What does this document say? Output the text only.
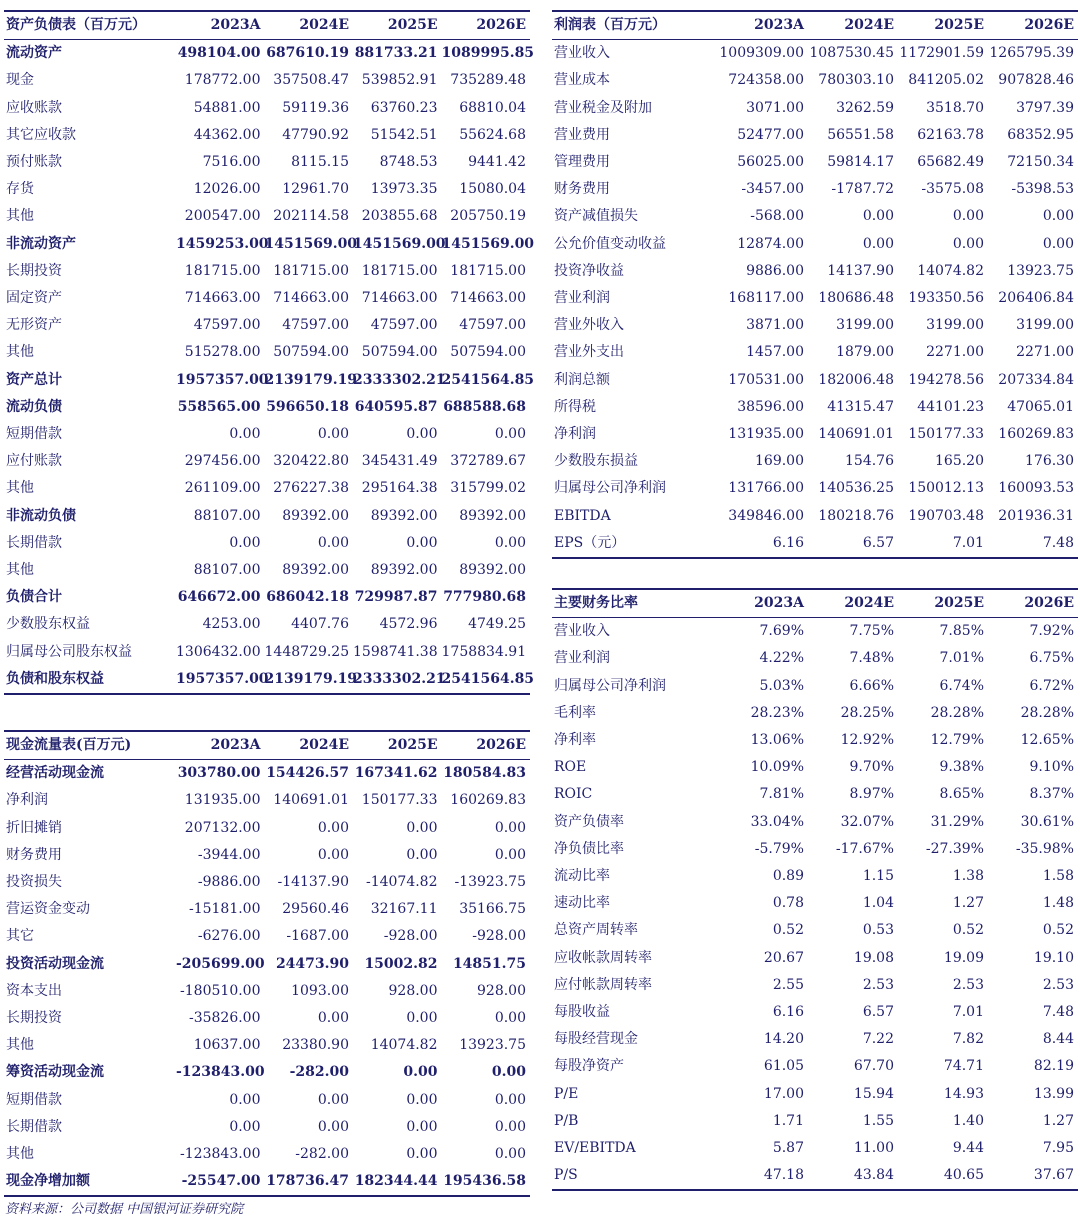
资产负债表（百万元）	2023A	2024E	2025E	2026E
流动资产	498104.00	687610.19	881733.21	1089995.85
现金	178772.00	357508.47	539852.91	735289.48
应收账款	54881.00	59119.36	63760.23	68810.04
其它应收款	44362.00	47790.92	51542.51	55624.68
预付账款	7516.00	8115.15	8748.53	9441.42
存货	12026.00	12961.70	13973.35	15080.04
其他	200547.00	202114.58	203855.68	205750.19
非流动资产	1459253.00	1451569.00	1451569.00	1451569.00
长期投资	181715.00	181715.00	181715.00	181715.00
固定资产	714663.00	714663.00	714663.00	714663.00
无形资产	47597.00	47597.00	47597.00	47597.00
其他	515278.00	507594.00	507594.00	507594.00
资产总计	1957357.00	2139179.19	2333302.21	2541564.85
流动负债	558565.00	596650.18	640595.87	688588.68
短期借款	0.00	0.00	0.00	0.00
应付账款	297456.00	320422.80	345431.49	372789.67
其他	261109.00	276227.38	295164.38	315799.02
非流动负债	88107.00	89392.00	89392.00	89392.00
长期借款	0.00	0.00	0.00	0.00
其他	88107.00	89392.00	89392.00	89392.00
负债合计	646672.00	686042.18	729987.87	777980.68
少数股东权益	4253.00	4407.76	4572.96	4749.25
归属母公司股东权益	1306432.00	1448729.25	1598741.38	1758834.91
负债和股东权益	1957357.00	2139179.19	2333302.21	2541564.85
现金流量表(百万元)	2023A	2024E	2025E	2026E
经营活动现金流	303780.00	154426.57	167341.62	180584.83
净利润	131935.00	140691.01	150177.33	160269.83
折旧摊销	207132.00	0.00	0.00	0.00
财务费用	-3944.00	0.00	0.00	0.00
投资损失	-9886.00	-14137.90	-14074.82	-13923.75
营运资金变动	-15181.00	29560.46	32167.11	35166.75
其它	-6276.00	-1687.00	-928.00	-928.00
投资活动现金流	-205699.00	24473.90	15002.82	14851.75
资本支出	-180510.00	1093.00	928.00	928.00
长期投资	-35826.00	0.00	0.00	0.00
其他	10637.00	23380.90	14074.82	13923.75
筹资活动现金流	-123843.00	-282.00	0.00	0.00
短期借款	0.00	0.00	0.00	0.00
长期借款	0.00	0.00	0.00	0.00
其他	-123843.00	-282.00	0.00	0.00
现金净增加额	-25547.00	178736.47	182344.44	195436.58
利润表（百万元）	2023A	2024E	2025E	2026E
营业收入	1009309.00	1087530.45	1172901.59	1265795.39
营业成本	724358.00	780303.10	841205.02	907828.46
营业税金及附加	3071.00	3262.59	3518.70	3797.39
营业费用	52477.00	56551.58	62163.78	68352.95
管理费用	56025.00	59814.17	65682.49	72150.34
财务费用	-3457.00	-1787.72	-3575.08	-5398.53
资产减值损失	-568.00	0.00	0.00	0.00
公允价值变动收益	12874.00	0.00	0.00	0.00
投资净收益	9886.00	14137.90	14074.82	13923.75
营业利润	168117.00	180686.48	193350.56	206406.84
营业外收入	3871.00	3199.00	3199.00	3199.00
营业外支出	1457.00	1879.00	2271.00	2271.00
利润总额	170531.00	182006.48	194278.56	207334.84
所得税	38596.00	41315.47	44101.23	47065.01
净利润	131935.00	140691.01	150177.33	160269.83
少数股东损益	169.00	154.76	165.20	176.30
归属母公司净利润	131766.00	140536.25	150012.13	160093.53
EBITDA	349846.00	180218.76	190703.48	201936.31
EPS（元）	6.16	6.57	7.01	7.48
主要财务比率	2023A	2024E	2025E	2026E
营业收入	7.69%	7.75%	7.85%	7.92%
营业利润	4.22%	7.48%	7.01%	6.75%
归属母公司净利润	5.03%	6.66%	6.74%	6.72%
毛利率	28.23%	28.25%	28.28%	28.28%
净利率	13.06%	12.92%	12.79%	12.65%
ROE	10.09%	9.70%	9.38%	9.10%
ROIC	7.81%	8.97%	8.65%	8.37%
资产负债率	33.04%	32.07%	31.29%	30.61%
净负债比率	-5.79%	-17.67%	-27.39%	-35.98%
流动比率	0.89	1.15	1.38	1.58
速动比率	0.78	1.04	1.27	1.48
总资产周转率	0.52	0.53	0.52	0.52
应收帐款周转率	20.67	19.08	19.09	19.10
应付帐款周转率	2.55	2.53	2.53	2.53
每股收益	6.16	6.57	7.01	7.48
每股经营现金	14.20	7.22	7.82	8.44
每股净资产	61.05	67.70	74.71	82.19
P/E	17.00	15.94	14.93	13.99
P/B	1.71	1.55	1.40	1.27
EV/EBITDA	5.87	11.00	9.44	7.95
P/S	47.18	43.84	40.65	37.67
资料来源：公司数据 中国银河证券研究院
